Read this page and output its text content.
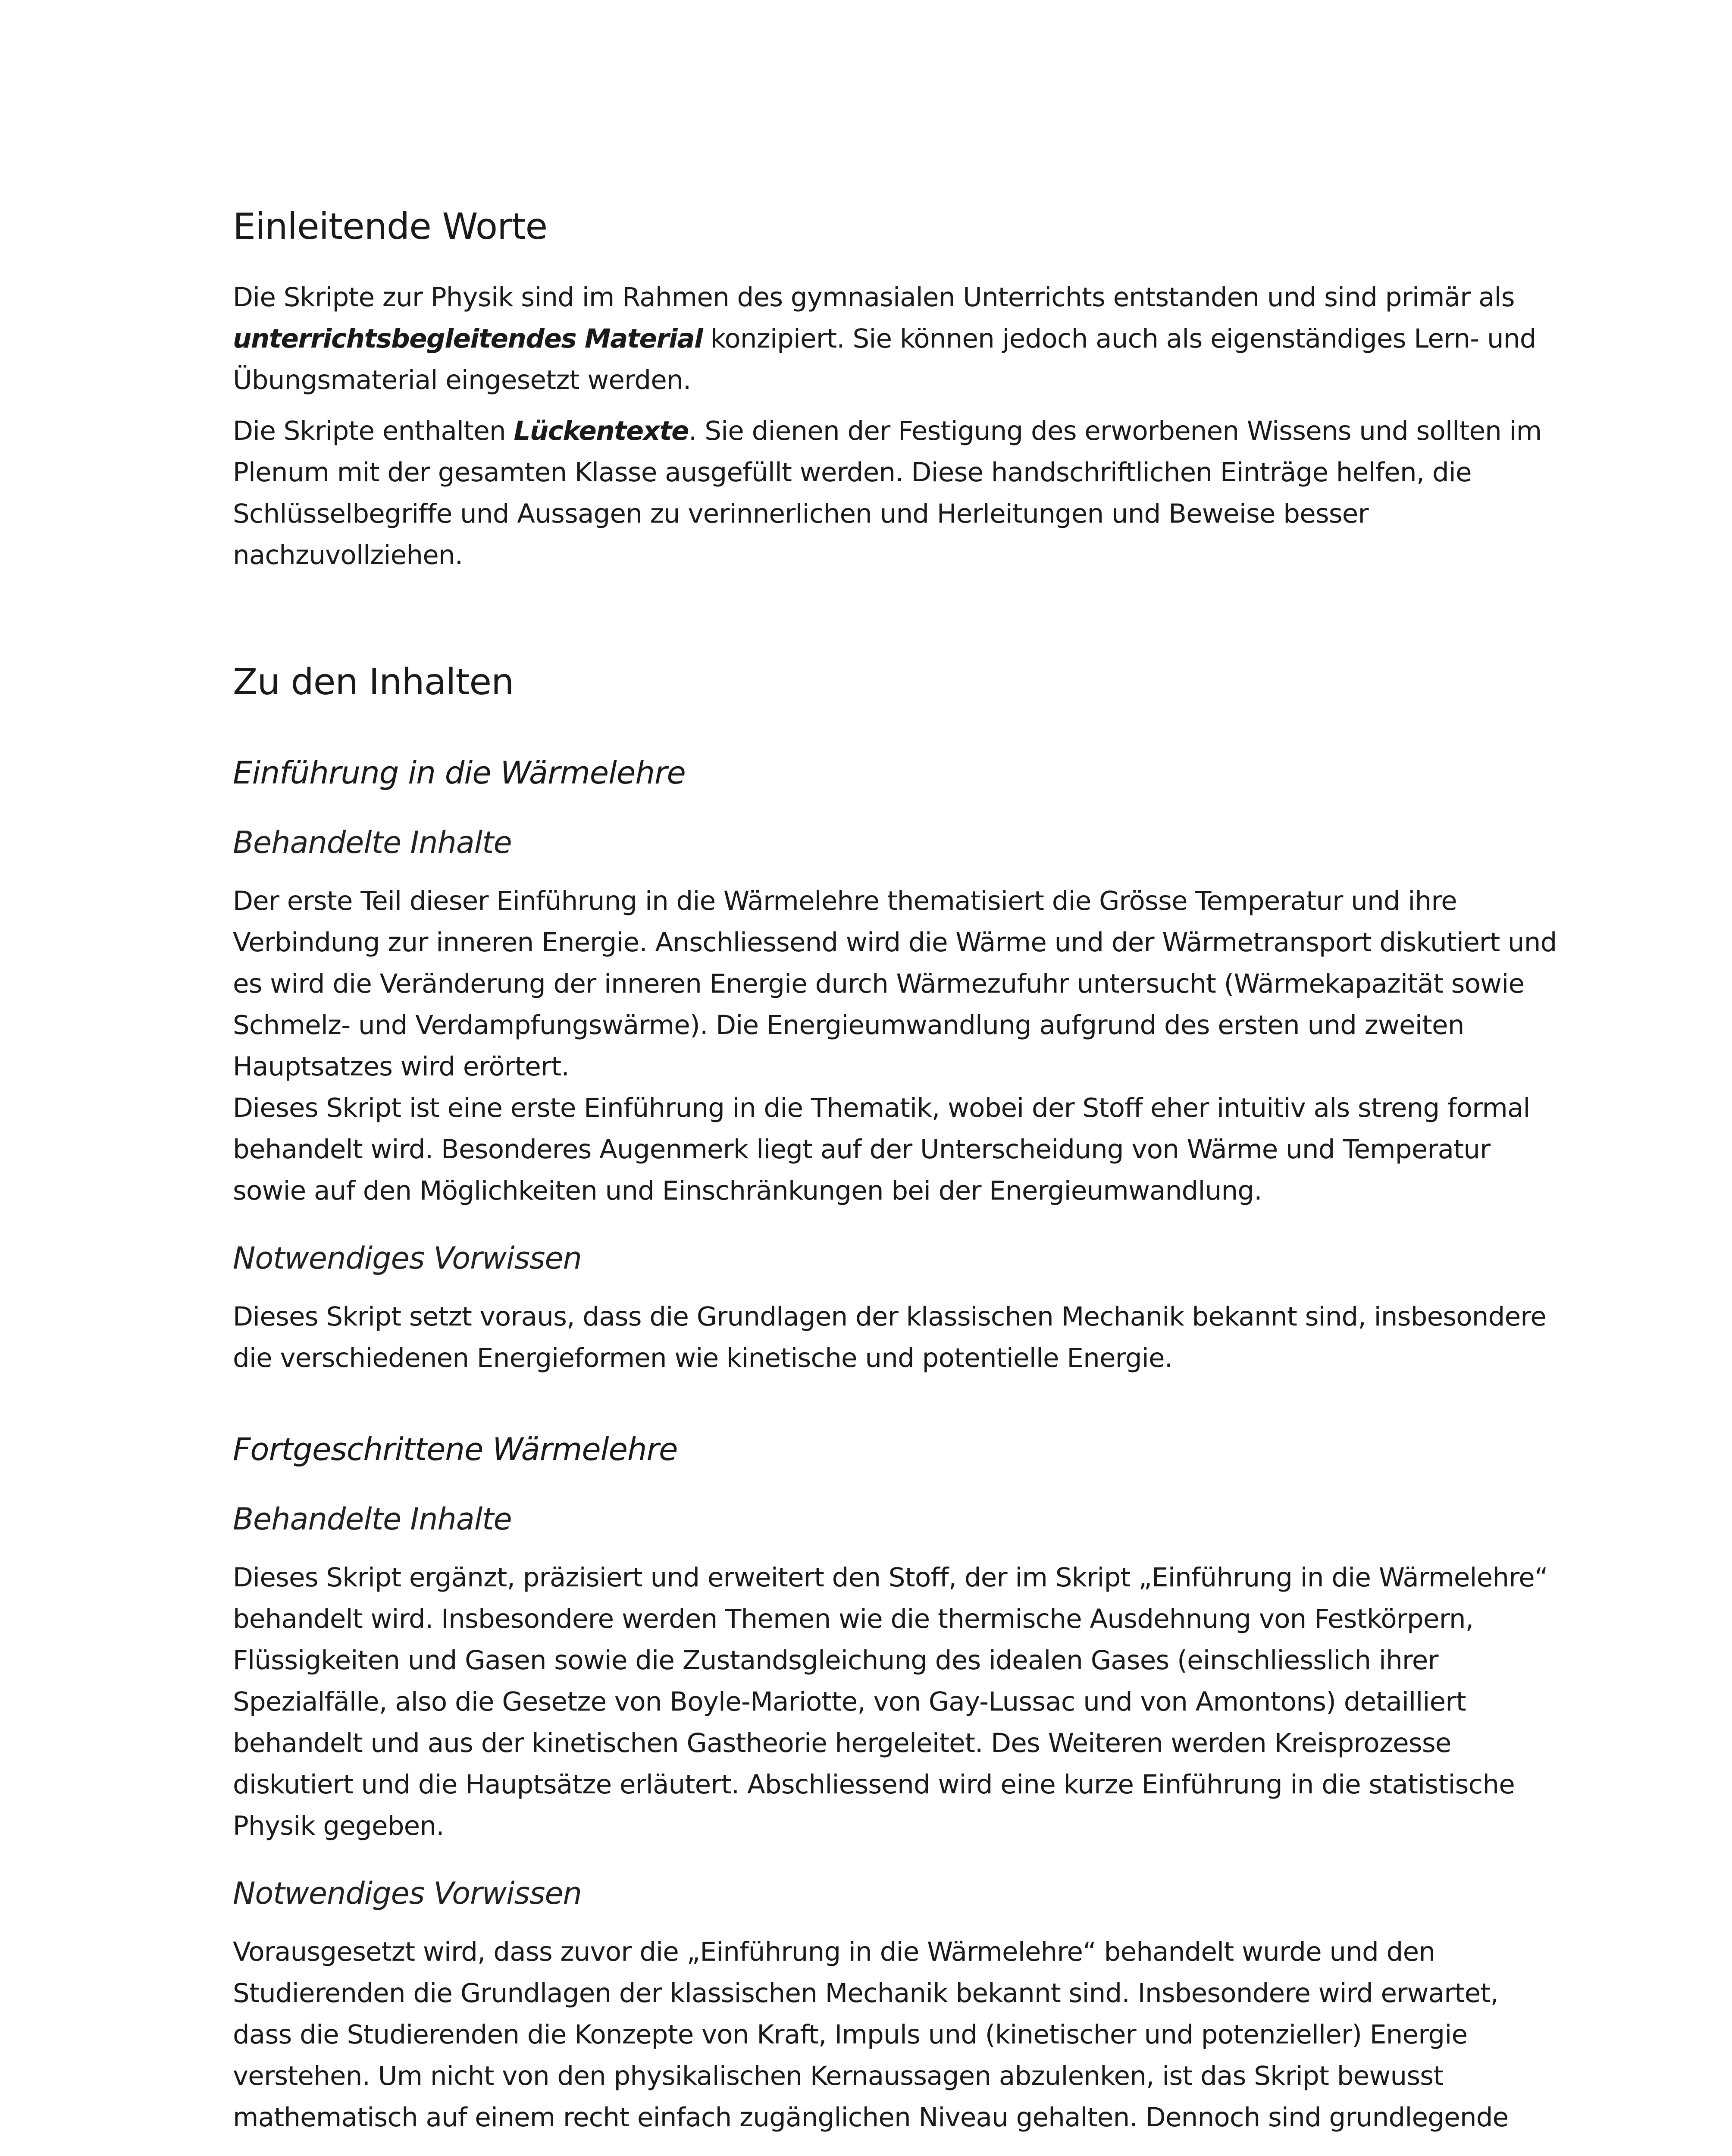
Einleitende Worte

Die Skripte zur Physik sind im Rahmen des gymnasialen Unterrichts entstanden und sind primär als unterrichtsbegleitendes Material konzipiert. Sie können jedoch auch als eigenständiges Lern- und Übungsmaterial eingesetzt werden.

Die Skripte enthalten Lückentexte. Sie dienen der Festigung des erworbenen Wissens und sollten im Plenum mit der gesamten Klasse ausgefüllt werden. Diese handschriftlichen Einträge helfen, die Schlüsselbegriffe und Aussagen zu verinnerlichen und Herleitungen und Beweise besser nachzuvollziehen.

Zu den Inhalten
Einführung in die Wärmelehre
Behandelte Inhalte

Der erste Teil dieser Einführung in die Wärmelehre thematisiert die Grösse Temperatur und ihre Verbindung zur inneren Energie. Anschliessend wird die Wärme und der Wärmetransport diskutiert und es wird die Veränderung der inneren Energie durch Wärmezufuhr untersucht (Wärmekapazität sowie Schmelz- und Verdampfungswärme). Die Energieumwandlung aufgrund des ersten und zweiten Hauptsatzes wird erörtert.

Dieses Skript ist eine erste Einführung in die Thematik, wobei der Stoff eher intuitiv als streng formal behandelt wird. Besonderes Augenmerk liegt auf der Unterscheidung von Wärme und Temperatur sowie auf den Möglichkeiten und Einschränkungen bei der Energieumwandlung.

Notwendiges Vorwissen

Dieses Skript setzt voraus, dass die Grundlagen der klassischen Mechanik bekannt sind, insbesondere die verschiedenen Energieformen wie kinetische und potentielle Energie.

Fortgeschrittene Wärmelehre
Behandelte Inhalte

Dieses Skript ergänzt, präzisiert und erweitert den Stoff, der im Skript „Einführung in die Wärmelehre“ behandelt wird. Insbesondere werden Themen wie die thermische Ausdehnung von Festkörpern, Flüssigkeiten und Gasen sowie die Zustandsgleichung des idealen Gases (einschliesslich ihrer Spezialfälle, also die Gesetze von Boyle-Mariotte, von Gay-Lussac und von Amontons) detailliert behandelt und aus der kinetischen Gastheorie hergeleitet. Des Weiteren werden Kreisprozesse diskutiert und die Hauptsätze erläutert. Abschliessend wird eine kurze Einführung in die statistische Physik gegeben.

Notwendiges Vorwissen

Vorausgesetzt wird, dass zuvor die „Einführung in die Wärmelehre“ behandelt wurde und den Studierenden die Grundlagen der klassischen Mechanik bekannt sind. Insbesondere wird erwartet, dass die Studierenden die Konzepte von Kraft, Impuls und (kinetischer und potenzieller) Energie verstehen. Um nicht von den physikalischen Kernaussagen abzulenken, ist das Skript bewusst mathematisch auf einem recht einfach zugänglichen Niveau gehalten. Dennoch sind grundlegende
